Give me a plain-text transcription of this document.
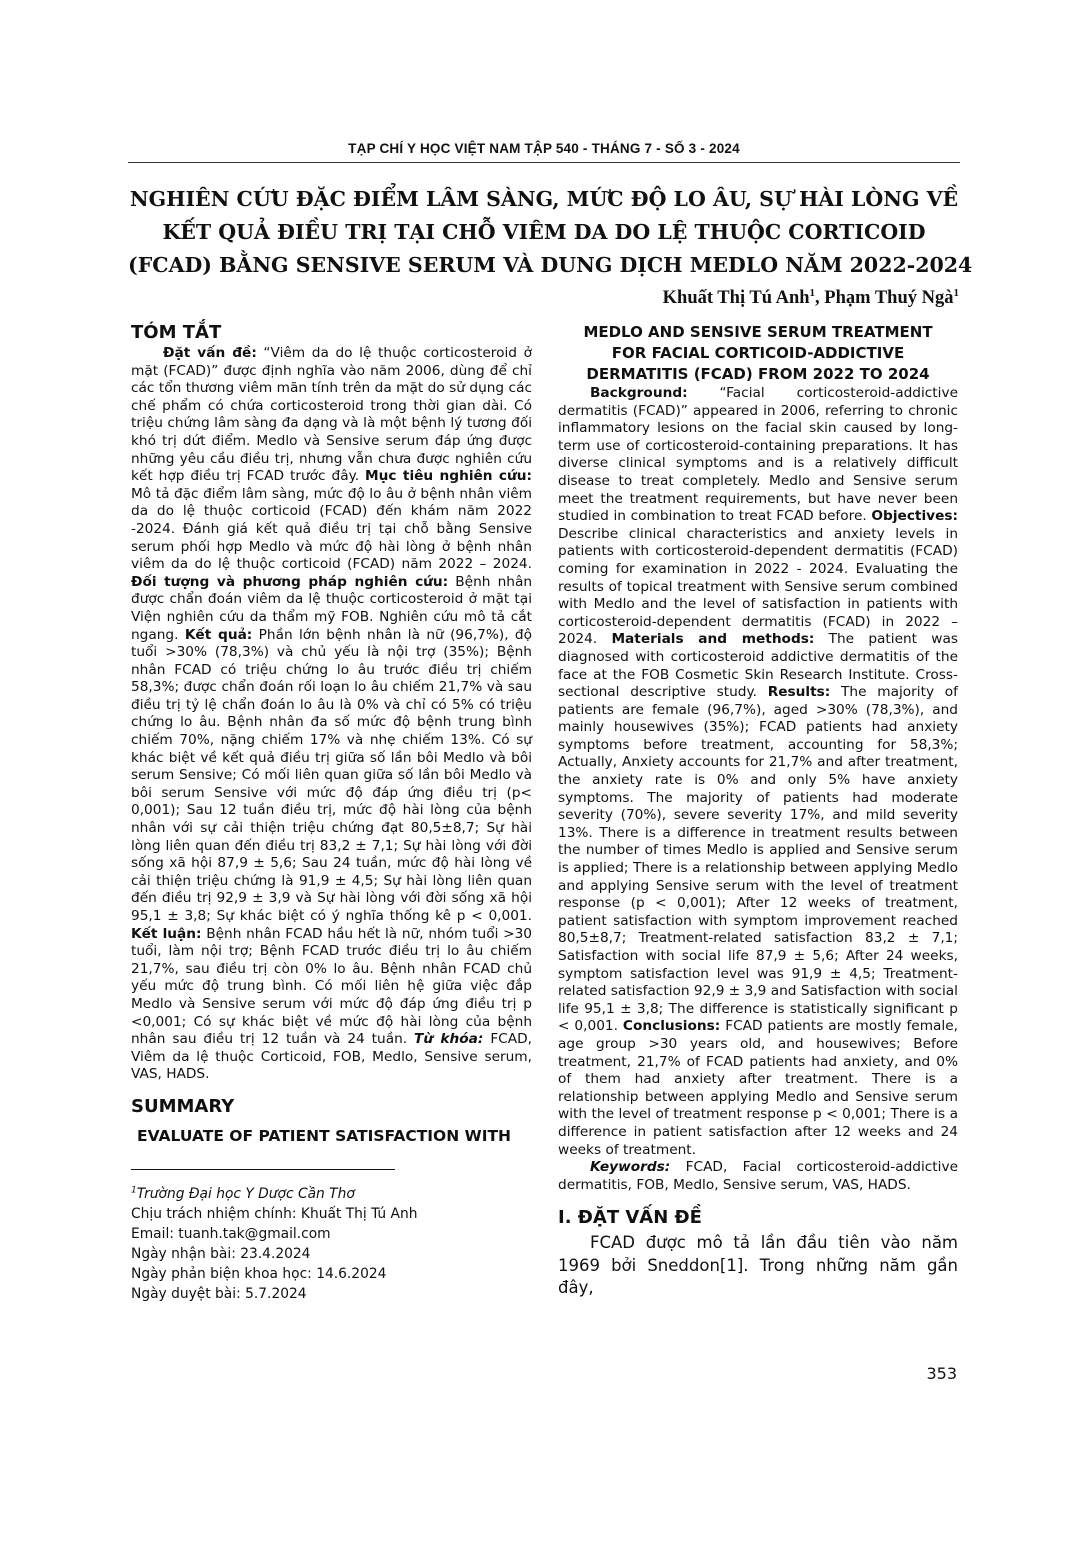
TẠP CHÍ Y HỌC VIỆT NAM TẬP 540 - THÁNG 7 - SỐ 3 - 2024
NGHIÊN CỨU ĐẶC ĐIỂM LÂM SÀNG, MỨC ĐỘ LO ÂU, SỰ HÀI LÒNG VỀ
KẾT QUẢ ĐIỀU TRỊ TẠI CHỖ VIÊM DA DO LỆ THUỘC CORTICOID
(FCAD) BẰNG SENSIVE SERUM VÀ DUNG DỊCH MEDLO NĂM 2022-2024
Khuất Thị Tú Anh$^1$, Phạm Thuý Ngà$^1$
TÓM TẮT

Đặt vấn đề: “Viêm da do lệ thuộc corticosteroid ở mặt (FCAD)” được định nghĩa vào năm 2006, dùng để chỉ các tổn thương viêm mãn tính trên da mặt do sử dụng các chế phẩm có chứa corticosteroid trong thời gian dài. Có triệu chứng lâm sàng đa dạng và là một bệnh lý tương đối khó trị dứt điểm. Medlo và Sensive serum đáp ứng được những yêu cầu điều trị, nhưng vẫn chưa được nghiên cứu kết hợp điều trị FCAD trước đây. Mục tiêu nghiên cứu: Mô tả đặc điểm lâm sàng, mức độ lo âu ở bệnh nhân viêm da do lệ thuộc corticoid (FCAD) đến khám năm 2022 -2024. Đánh giá kết quả điều trị tại chỗ bằng Sensive serum phối hợp Medlo và mức độ hài lòng ở bệnh nhân viêm da do lệ thuộc corticoid (FCAD) năm 2022 – 2024. Đối tượng và phương pháp nghiên cứu: Bệnh nhân được chẩn đoán viêm da lệ thuộc corticosteroid ở mặt tại Viện nghiên cứu da thẩm mỹ FOB. Nghiên cứu mô tả cắt ngang. Kết quả: Phần lớn bệnh nhân là nữ (96,7%), độ tuổi >30% (78,3%) và chủ yếu là nội trợ (35%); Bệnh nhân FCAD có triệu chứng lo âu trước điều trị chiếm 58,3%; được chẩn đoán rối loạn lo âu chiếm 21,7% và sau điều trị tỷ lệ chẩn đoán lo âu là 0% và chỉ có 5% có triệu chứng lo âu. Bệnh nhân đa số mức độ bệnh trung bình chiếm 70%, nặng chiếm 17% và nhẹ chiếm 13%. Có sự khác biệt về kết quả điều trị giữa số lần bôi Medlo và bôi serum Sensive; Có mối liên quan giữa số lần bôi Medlo và bôi serum Sensive với mức độ đáp ứng điều trị (p< 0,001); Sau 12 tuần điều trị, mức độ hài lòng của bệnh nhân với sự cải thiện triệu chứng đạt 80,5±8,7; Sự hài lòng liên quan đến điều trị 83,2 ± 7,1; Sự hài lòng với đời sống xã hội 87,9 ± 5,6; Sau 24 tuần, mức độ hài lòng về cải thiện triệu chứng là 91,9 ± 4,5; Sự hài lòng liên quan đến điều trị 92,9 ± 3,9 và Sự hài lòng với đời sống xã hội 95,1 ± 3,8; Sự khác biệt có ý nghĩa thống kê p < 0,001. Kết luận: Bệnh nhân FCAD hầu hết là nữ, nhóm tuổi >30 tuổi, làm nội trợ; Bệnh FCAD trước điều trị lo âu chiếm 21,7%, sau điều trị còn 0% lo âu. Bệnh nhân FCAD chủ yếu mức độ trung bình. Có mối liên hệ giữa việc đắp Medlo và Sensive serum với mức độ đáp ứng điều trị p <0,001; Có sự khác biệt về mức độ hài lòng của bệnh nhân sau điều trị 12 tuần và 24 tuần. Từ khóa: FCAD, Viêm da lệ thuộc Corticoid, FOB, Medlo, Sensive serum, VAS, HADS.

SUMMARY
EVALUATE OF PATIENT SATISFACTION WITH
$^1$Trường Đại học Y Dược Cần Thơ
Chịu trách nhiệm chính: Khuất Thị Tú Anh
Email: tuanh.tak@gmail.com
Ngày nhận bài: 23.4.2024
Ngày phản biện khoa học: 14.6.2024
Ngày duyệt bài: 5.7.2024
MEDLO AND SENSIVE SERUM TREATMENT
FOR FACIAL CORTICOID-ADDICTIVE
DERMATITIS (FCAD) FROM 2022 TO 2024

Background: “Facial corticosteroid-addictive dermatitis (FCAD)” appeared in 2006, referring to chronic inflammatory lesions on the facial skin caused by long-term use of corticosteroid-containing preparations. It has diverse clinical symptoms and is a relatively difficult disease to treat completely. Medlo and Sensive serum meet the treatment requirements, but have never been studied in combination to treat FCAD before. Objectives: Describe clinical characteristics and anxiety levels in patients with corticosteroid-dependent dermatitis (FCAD) coming for examination in 2022 - 2024. Evaluating the results of topical treatment with Sensive serum combined with Medlo and the level of satisfaction in patients with corticosteroid-dependent dermatitis (FCAD) in 2022 – 2024. Materials and methods: The patient was diagnosed with corticosteroid addictive dermatitis of the face at the FOB Cosmetic Skin Research Institute. Cross-sectional descriptive study. Results: The majority of patients are female (96,7%), aged >30% (78,3%), and mainly housewives (35%); FCAD patients had anxiety symptoms before treatment, accounting for 58,3%; Actually, Anxiety accounts for 21,7% and after treatment, the anxiety rate is 0% and only 5% have anxiety symptoms. The majority of patients had moderate severity (70%), severe severity 17%, and mild severity 13%. There is a difference in treatment results between the number of times Medlo is applied and Sensive serum is applied; There is a relationship between applying Medlo and applying Sensive serum with the level of treatment response (p < 0,001); After 12 weeks of treatment, patient satisfaction with symptom improvement reached 80,5±8,7; Treatment-related satisfaction 83,2 ± 7,1; Satisfaction with social life 87,9 ± 5,6; After 24 weeks, symptom satisfaction level was 91,9 ± 4,5; Treatment-related satisfaction 92,9 ± 3,9 and Satisfaction with social life 95,1 ± 3,8; The difference is statistically significant p < 0,001. Conclusions: FCAD patients are mostly female, age group >30 years old, and housewives; Before treatment, 21,7% of FCAD patients had anxiety, and 0% of them had anxiety after treatment. There is a relationship between applying Medlo and Sensive serum with the level of treatment response p < 0,001; There is a difference in patient satisfaction after 12 weeks and 24 weeks of treatment.

Keywords: FCAD, Facial corticosteroid-addictive dermatitis, FOB, Medlo, Sensive serum, VAS, HADS.

I. ĐẶT VẤN ĐỀ

FCAD được mô tả lần đầu tiên vào năm 1969 bởi Sneddon[1]. Trong những năm gần đây,

353
